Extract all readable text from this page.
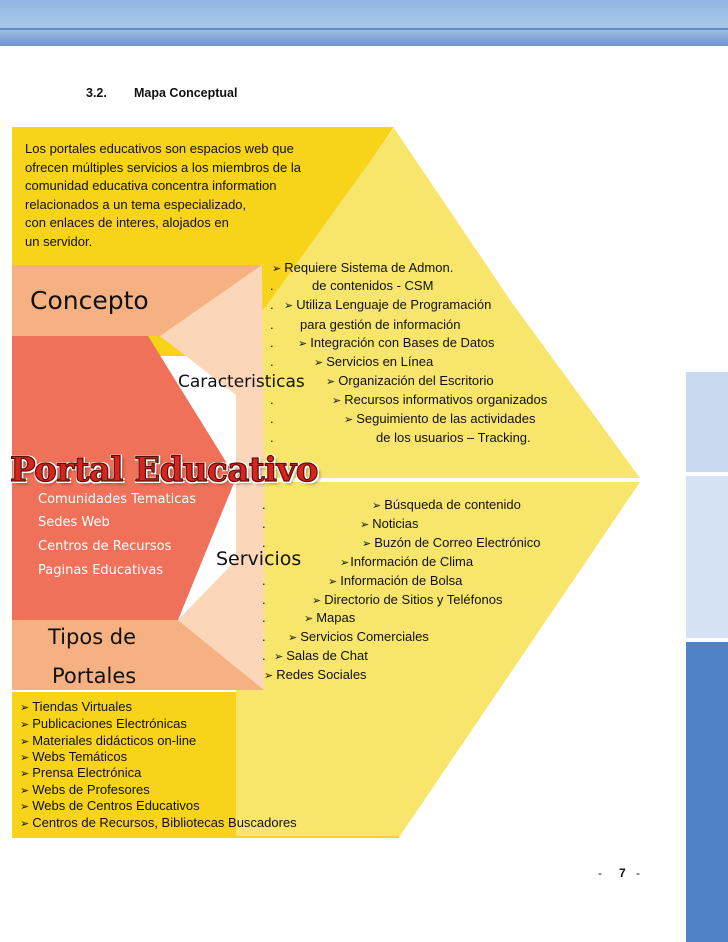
3.2. Mapa Conceptual
Los portales educativos son espacios web que
ofrecen múltiples servicios a los miembros de la
comunidad educativa concentra information
relacionados a un tema especializado,
con enlaces de interes, alojados en
un servidor.
Concepto
Caracteristicas
Servicios
Tipos de
Portales
Portal Educativo
Comunidades Tematicas
Sedes Web
Centros de Recursos
Paginas Educativas
➢ Requiere Sistema de Admon.
.	de contenidos - CSM
. ➢ Utiliza Lenguaje de Programación
. para gestión de información
. ➢ Integración con Bases de Datos
.	➢ Servicios en Línea
➢ Organización del Escritorio
.	➢ Recursos informativos organizados
.	➢ Seguimiento de las actividades
.	de los usuarios – Tracking.
.	➢ Búsqueda de contenido
.	➢ Noticias
.	➢ Buzón de Correo Electrónico
➢Información de Clima
.	➢ Información de Bolsa
.	➢ Directorio de Sitios y Teléfonos
.	➢ Mapas
. ➢ Servicios Comerciales
. ➢ Salas de Chat
➢ Redes Sociales
➢ Tiendas Virtuales
➢ Publicaciones Electrónicas
➢ Materiales didácticos on-line
➢ Webs Temáticos
➢ Prensa Electrónica
➢ Webs de Profesores
➢ Webs de Centros Educativos
➢ Centros de Recursos, Bibliotecas Buscadores
- 7 -
